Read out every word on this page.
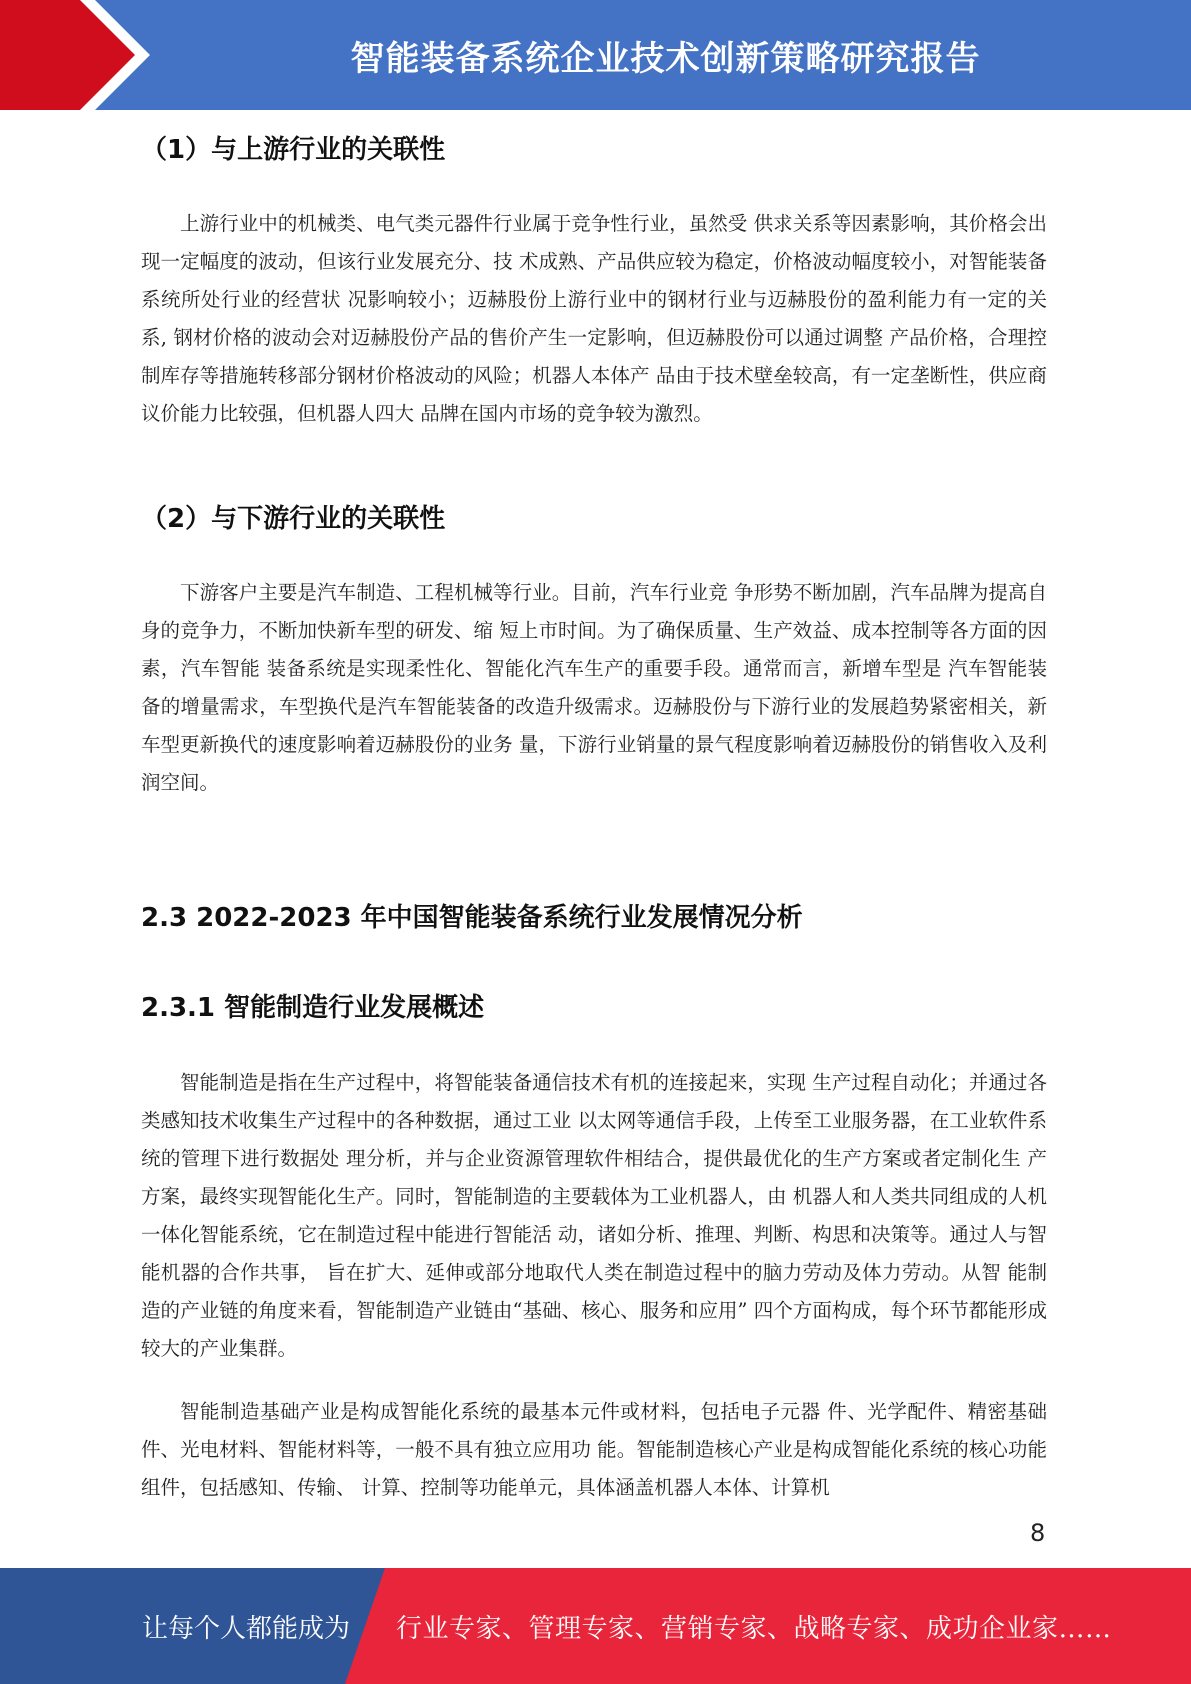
智能装备系统企业技术创新策略研究报告
（1）与上游行业的关联性

上游行业中的机械类、电气类元器件行业属于竞争性行业，虽然受 供求关系等因素影响，其价格会出现一定幅度的波动，但该行业发展充分、技 术成熟、产品供应较为稳定，价格波动幅度较小，对智能装备系统所处行业的经营状 况影响较小；迈赫股份上游行业中的钢材行业与迈赫股份的盈利能力有一定的关系, 钢材价格的波动会对迈赫股份产品的售价产生一定影响，但迈赫股份可以通过调整 产品价格，合理控制库存等措施转移部分钢材价格波动的风险；机器人本体产 品由于技术壁垒较高，有一定垄断性，供应商议价能力比较强，但机器人四大 品牌在国内市场的竞争较为激烈。

（2）与下游行业的关联性

下游客户主要是汽车制造、工程机械等行业。目前，汽车行业竞 争形势不断加剧，汽车品牌为提高自身的竞争力，不断加快新车型的研发、缩 短上市时间。为了确保质量、生产效益、成本控制等各方面的因素，汽车智能 装备系统是实现柔性化、智能化汽车生产的重要手段。通常而言，新增车型是 汽车智能装备的增量需求，车型换代是汽车智能装备的改造升级需求。迈赫股份与下游行业的发展趋势紧密相关，新车型更新换代的速度影响着迈赫股份的业务 量，下游行业销量的景气程度影响着迈赫股份的销售收入及利润空间。

2.3 2022-2023 年中国智能装备系统行业发展情况分析
2.3.1 智能制造行业发展概述

智能制造是指在生产过程中，将智能装备通信技术有机的连接起来，实现 生产过程自动化；并通过各类感知技术收集生产过程中的各种数据，通过工业 以太网等通信手段，上传至工业服务器，在工业软件系统的管理下进行数据处 理分析，并与企业资源管理软件相结合，提供最优化的生产方案或者定制化生 产方案，最终实现智能化生产。同时，智能制造的主要载体为工业机器人，由 机器人和人类共同组成的人机一体化智能系统，它在制造过程中能进行智能活 动，诸如分析、推理、判断、构思和决策等。通过人与智能机器的合作共事， 旨在扩大、延伸或部分地取代人类在制造过程中的脑力劳动及体力劳动。从智 能制造的产业链的角度来看，智能制造产业链由“基础、核心、服务和应用” 四个方面构成，每个环节都能形成较大的产业集群。

智能制造基础产业是构成智能化系统的最基本元件或材料，包括电子元器 件、光学配件、精密基础件、光电材料、智能材料等，一般不具有独立应用功 能。智能制造核心产业是构成智能化系统的核心功能组件，包括感知、传输、 计算、控制等功能单元，具体涵盖机器人本体、计算机

8
让每个人都能成为 行业专家、管理专家、营销专家、战略专家、成功企业家……
